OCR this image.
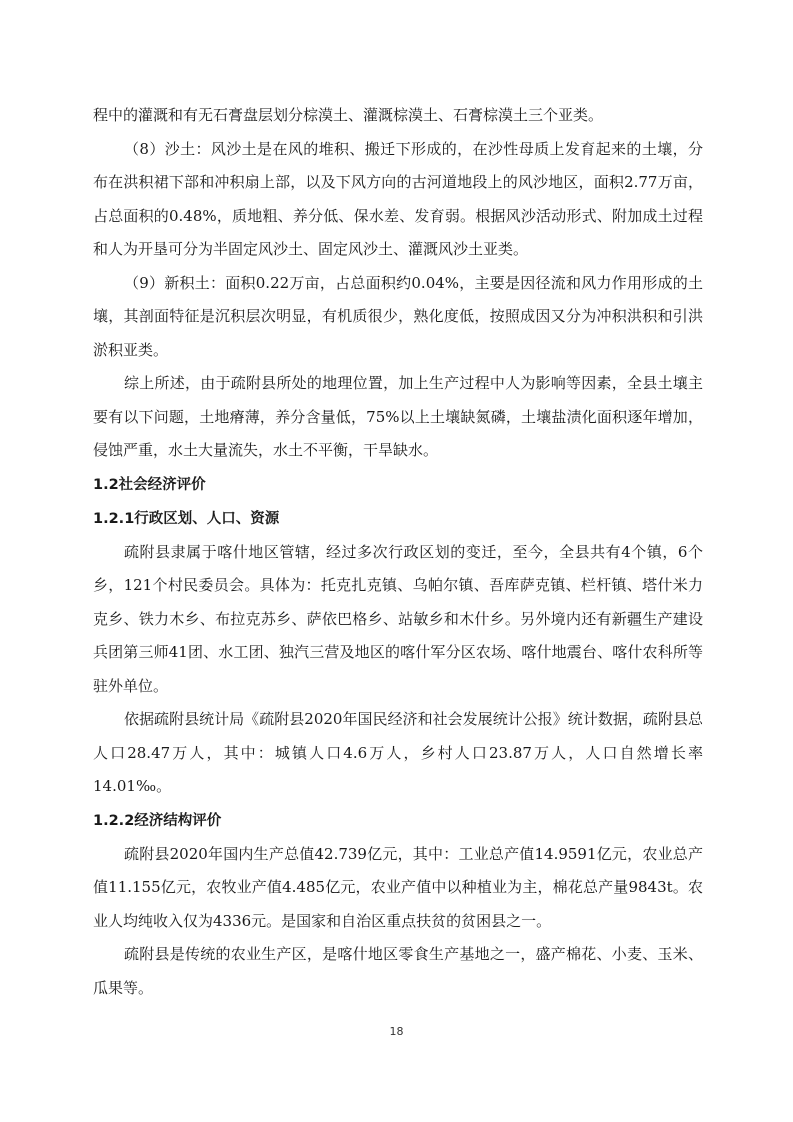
程中的灌溉和有无石膏盘层划分棕漠土、灌溉棕漠土、石膏棕漠土三个亚类。

（8）沙土：风沙土是在风的堆积、搬迁下形成的，在沙性母质上发育起来的土壤，分布在洪积裙下部和冲积扇上部，以及下风方向的古河道地段上的风沙地区，面积2.77万亩，占总面积的0.48%，质地粗、养分低、保水差、发育弱。根据风沙活动形式、附加成土过程和人为开垦可分为半固定风沙土、固定风沙土、灌溉风沙土亚类。

（9）新积土：面积0.22万亩，占总面积约0.04%，主要是因径流和风力作用形成的土壤，其剖面特征是沉积层次明显，有机质很少，熟化度低，按照成因又分为冲积洪积和引洪淤积亚类。

综上所述，由于疏附县所处的地理位置，加上生产过程中人为影响等因素，全县土壤主要有以下问题，土地瘠薄，养分含量低，75%以上土壤缺氮磷，土壤盐渍化面积逐年增加，侵蚀严重，水土大量流失，水土不平衡，干旱缺水。

1.2社会经济评价
1.2.1行政区划、人口、资源

疏附县隶属于喀什地区管辖，经过多次行政区划的变迁，至今，全县共有4个镇，6个乡，121个村民委员会。具体为：托克扎克镇、乌帕尔镇、吾库萨克镇、栏杆镇、塔什米力克乡、铁力木乡、布拉克苏乡、萨依巴格乡、站敏乡和木什乡。另外境内还有新疆生产建设兵团第三师41团、水工团、独汽三营及地区的喀什军分区农场、喀什地震台、喀什农科所等驻外单位。

依据疏附县统计局《疏附县2020年国民经济和社会发展统计公报》统计数据，疏附县总人口28.47万人，其中：城镇人口4.6万人，乡村人口23.87万人，人口自然增长率14.01‰。

1.2.2经济结构评价

疏附县2020年国内生产总值42.739亿元，其中：工业总产值14.9591亿元，农业总产值11.155亿元，农牧业产值4.485亿元，农业产值中以种植业为主，棉花总产量9843t。农业人均纯收入仅为4336元。是国家和自治区重点扶贫的贫困县之一。

疏附县是传统的农业生产区，是喀什地区零食生产基地之一，盛产棉花、小麦、玉米、瓜果等。

18
